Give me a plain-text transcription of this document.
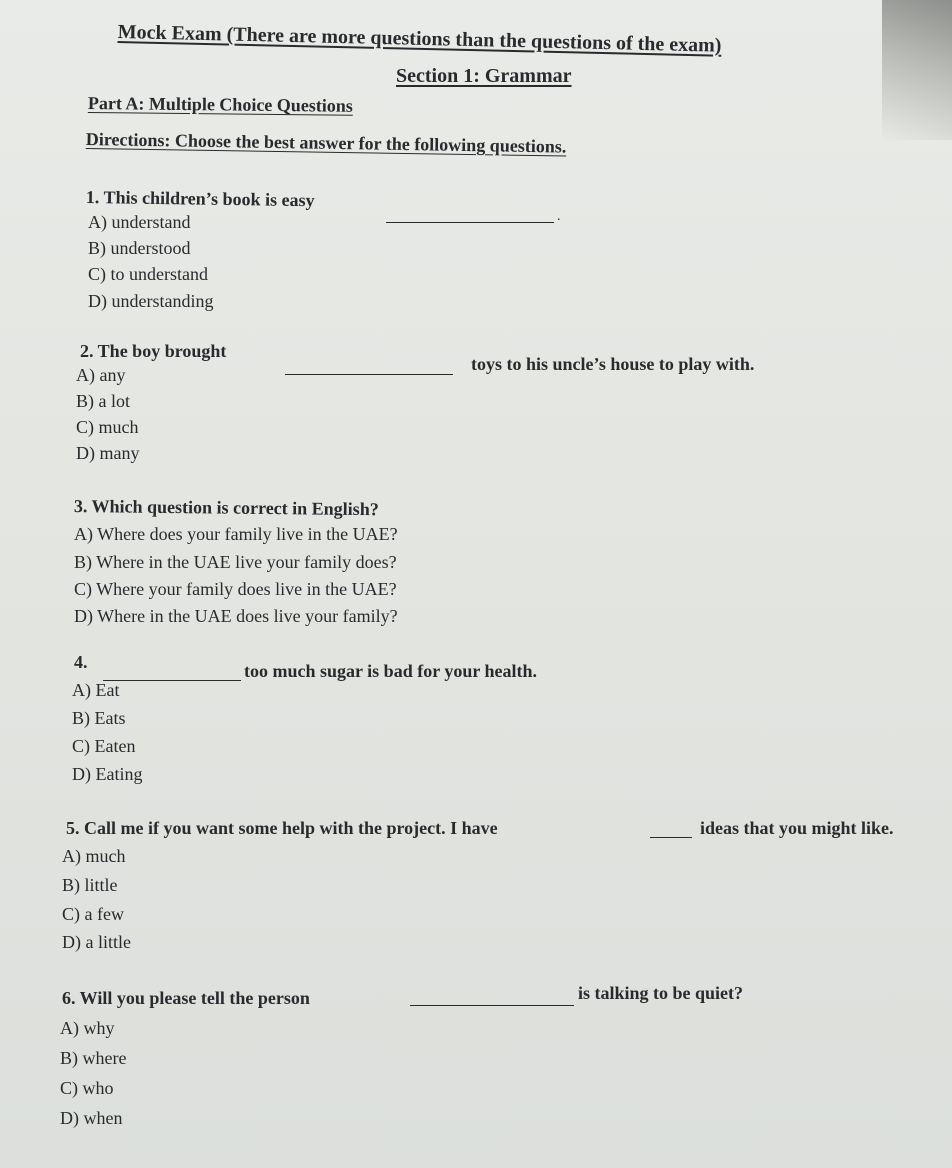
Mock Exam (There are more questions than the questions of the exam)
Section 1: Grammar
Part A: Multiple Choice Questions
Directions: Choose the best answer for the following questions.
1. This children’s book is easy
.
A) understand
B) understood
C) to understand
D) understanding
2. The boy brought
toys to his uncle’s house to play with.
A) any
B) a lot
C) much
D) many
3. Which question is correct in English?
A) Where does your family live in the UAE?
B) Where in the UAE live your family does?
C) Where your family does live in the UAE?
D) Where in the UAE does live your family?
4.	too much sugar is bad for your health.
A) Eat
B) Eats
C) Eaten
D) Eating
5. Call me if you want some help with the project. I have	ideas that you might like.
A) much
B) little
C) a few
D) a little
6. Will you please tell the person	is talking to be quiet?
A) why
B) where
C) who
D) when
